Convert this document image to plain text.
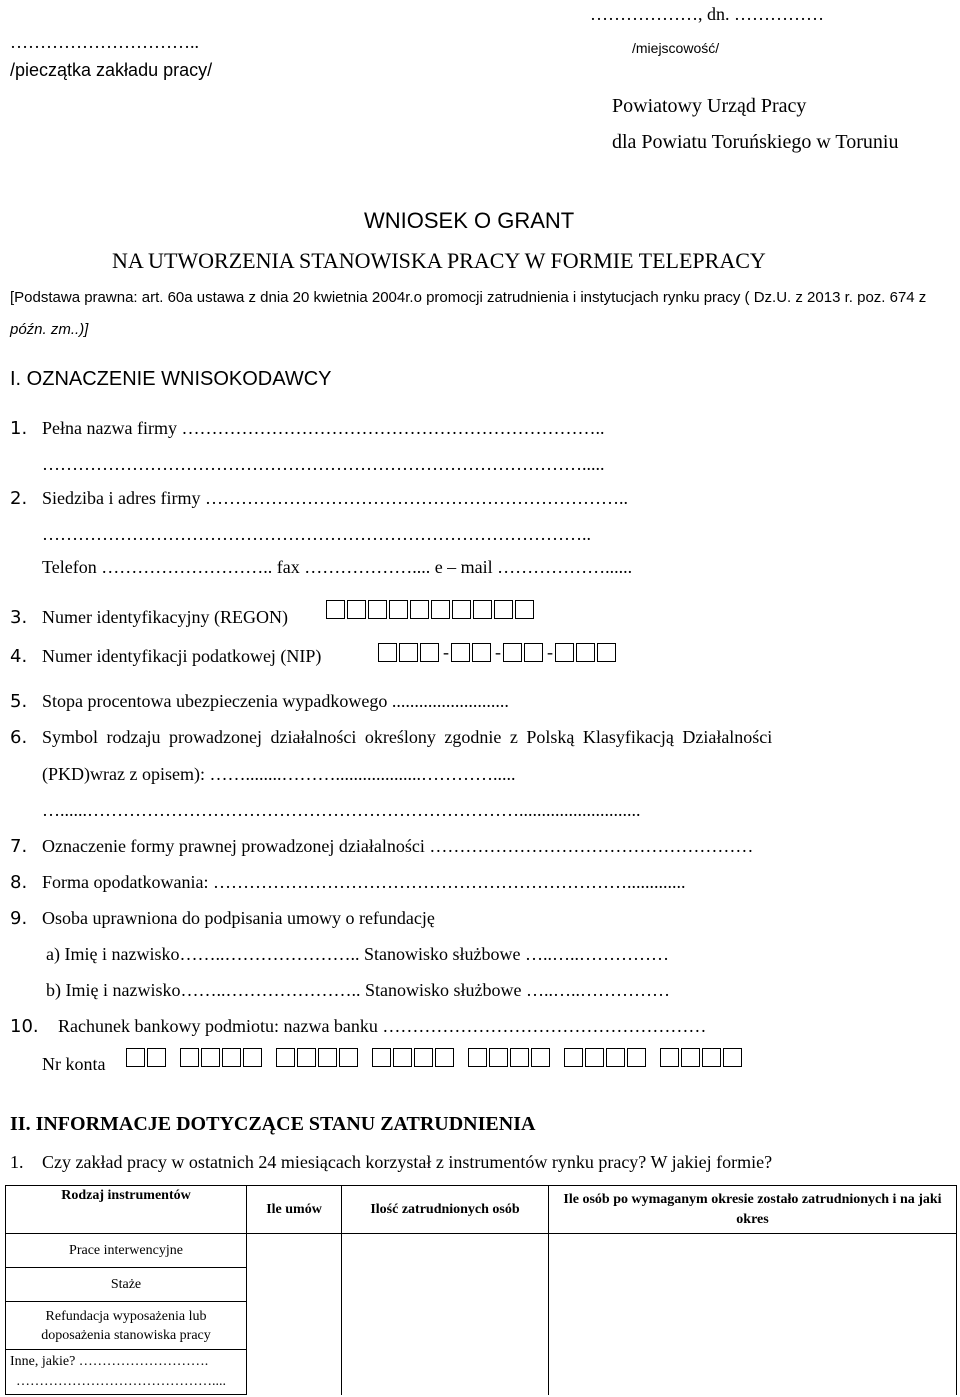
………………, dn. ……………
…………………………..
/pieczątka zakładu pracy/
/miejscowość/
Powiatowy Urząd Pracy
dla Powiatu Toruńskiego w Toruniu
WNIOSEK O GRANT
NA UTWORZENIA STANOWISKA PRACY W FORMIE TELEPRACY
[Podstawa prawna: art. 60a ustawa z dnia 20 kwietnia 2004r.o promocji zatrudnienia i instytucjach rynku pracy ( Dz.U. z 2013 r. poz. 674 z
późn. zm..)]
I. OZNACZENIE WNISOKODAWCY
1. Pełna nazwa firmy ……………………………………………………………..
……………………………………………………………………………….....
2. Siedziba i adres firmy ……………………………………………………………..
………………………………………………………………………………..
Telefon ……………………….. fax ……………….... e – mail ………………......
3. Numer identyfikacyjny (REGON)
4. Numer identyfikacji podatkowej (NIP)	-	-	-
5. Stopa procentowa ubezpieczenia wypadkowego ..........................
6. Symbol rodzaju prowadzonej działalności określony zgodnie z Polską Klasyfikacją Działalności
(PKD)wraz z opisem): ……........………...................………….....
…......………………………………………………………………...........................
7. Oznaczenie formy prawnej prowadzonej działalności ………………………………………………
8. Forma opodatkowania: …………………………………………………………….............
9. Osoba uprawniona do podpisania umowy o refundację
a) Imię i nazwisko……..………………….. Stanowisko służbowe …..…..……………
b) Imię i nazwisko……..………………….. Stanowisko służbowe …..…..……………
10. Rachunek bankowy podmiotu: nazwa banku ………………………………………………
Nr konta
II. INFORMACJE DOTYCZĄCE STANU ZATRUDNIENIA
1. Czy zakład pracy w ostatnich 24 miesiącach korzystał z instrumentów rynku pracy? W jakiej formie?
Rodzaj instrumentów	Ile umów	Ilość zatrudnionych osób	Ile osób po wymaganym okresie zostało zatrudnionych i na jaki okres
Prace interwencyjne			
Staże			
Refundacja wyposażenia lub doposażenia stanowiska pracy			

Inne, jakie? ……………………….
……………………………………....			
